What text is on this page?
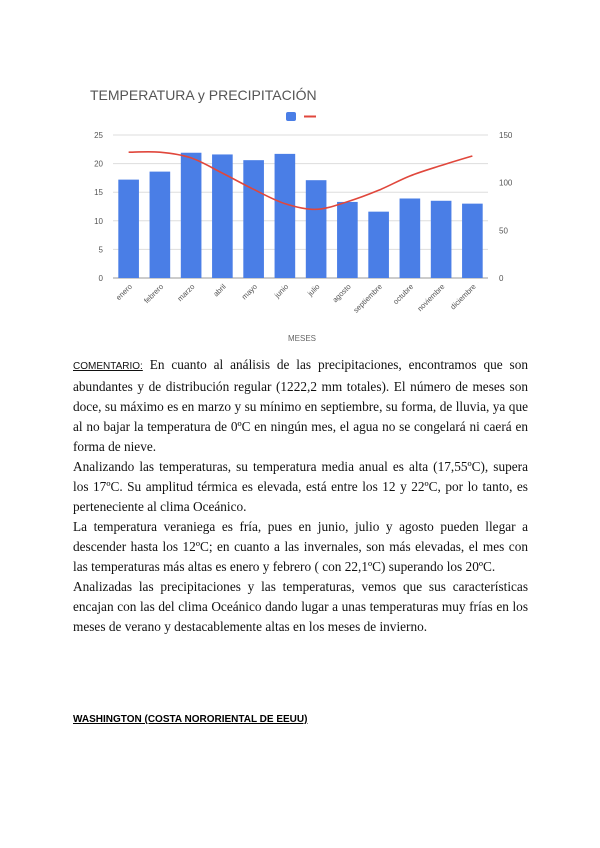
TEMPERATURA y PRECIPITACIÓN
0
5
10
15
20
25
0
50
100
150
enero febrero marzo abril mayo junio julio agosto
septiembre octubre noviembre diciembre
MESES

COMENTARIO: En cuanto al análisis de las precipitaciones, encontramos que son abundantes y de distribución regular (1222,2 mm totales). El número de meses son doce, su máximo es en marzo y su mínimo en septiembre, su forma, de lluvia, ya que al no bajar la temperatura de 0ºC en ningún mes, el agua no se congelará ni caerá en forma de nieve.

Analizando las temperaturas, su temperatura media anual es alta (17,55ºC), supera los 17ºC. Su amplitud térmica es elevada, está entre los 12 y 22ºC, por lo tanto, es perteneciente al clima Oceánico.

La temperatura veraniega es fría, pues en junio, julio y agosto pueden llegar a descender hasta los 12ºC; en cuanto a las invernales, son más elevadas, el mes con las temperaturas más altas es enero y febrero ( con 22,1ºC) superando los 20ºC.

Analizadas las precipitaciones y las temperaturas, vemos que sus características encajan con las del clima Oceánico dando lugar a unas temperaturas muy frías en los meses de verano y destacablemente altas en los meses de invierno.

WASHINGTON (COSTA NORORIENTAL DE EEUU)
